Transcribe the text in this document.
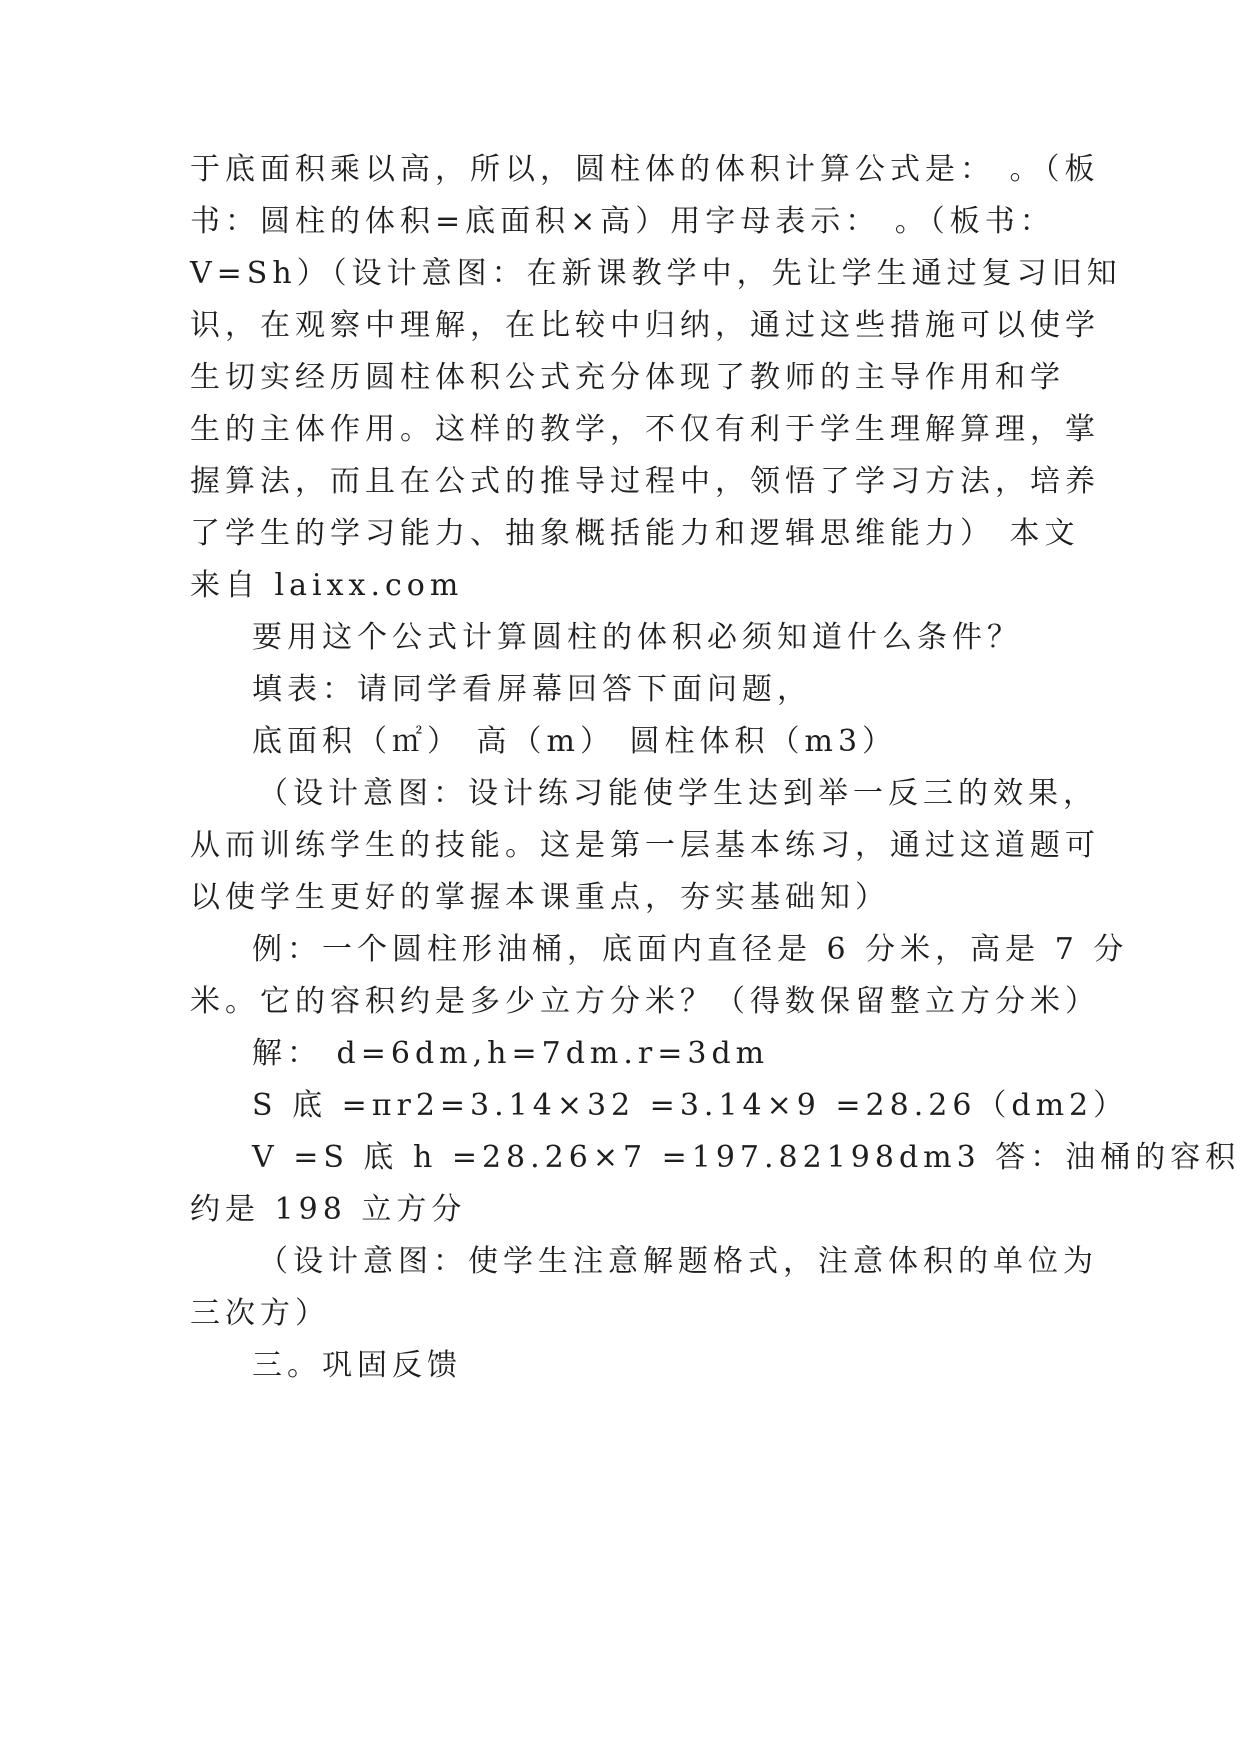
于底面积乘以高，所以，圆柱体的体积计算公式是： 。（板
书：圆柱的体积=底面积×高）用字母表示： 。（板书：
V=Sh）（设计意图：在新课教学中，先让学生通过复习旧知
识，在观察中理解，在比较中归纳，通过这些措施可以使学
生切实经历圆柱体积公式充分体现了教师的主导作用和学
生的主体作用。这样的教学，不仅有利于学生理解算理，掌
握算法，而且在公式的推导过程中，领悟了学习方法，培养
了学生的学习能力、抽象概括能力和逻辑思维能力） 本文
来自 laixx.com
要用这个公式计算圆柱的体积必须知道什么条件？
填表：请同学看屏幕回答下面问题，
底面积（㎡） 高（m） 圆柱体积（m3）
（设计意图：设计练习能使学生达到举一反三的效果，
从而训练学生的技能。这是第一层基本练习，通过这道题可
以使学生更好的掌握本课重点，夯实基础知）
例：一个圆柱形油桶，底面内直径是 6 分米，高是 7 分
米。它的容积约是多少立方分米？（得数保留整立方分米）
解： d=6dm,h=7dm.r=3dm
S 底 =πr2=3.14×32 =3.14×9 =28.26（dm2）
V =S 底 h =28.26×7 =197.82198dm3 答：油桶的容积
约是 198 立方分
（设计意图：使学生注意解题格式，注意体积的单位为
三次方）
三。巩固反馈
